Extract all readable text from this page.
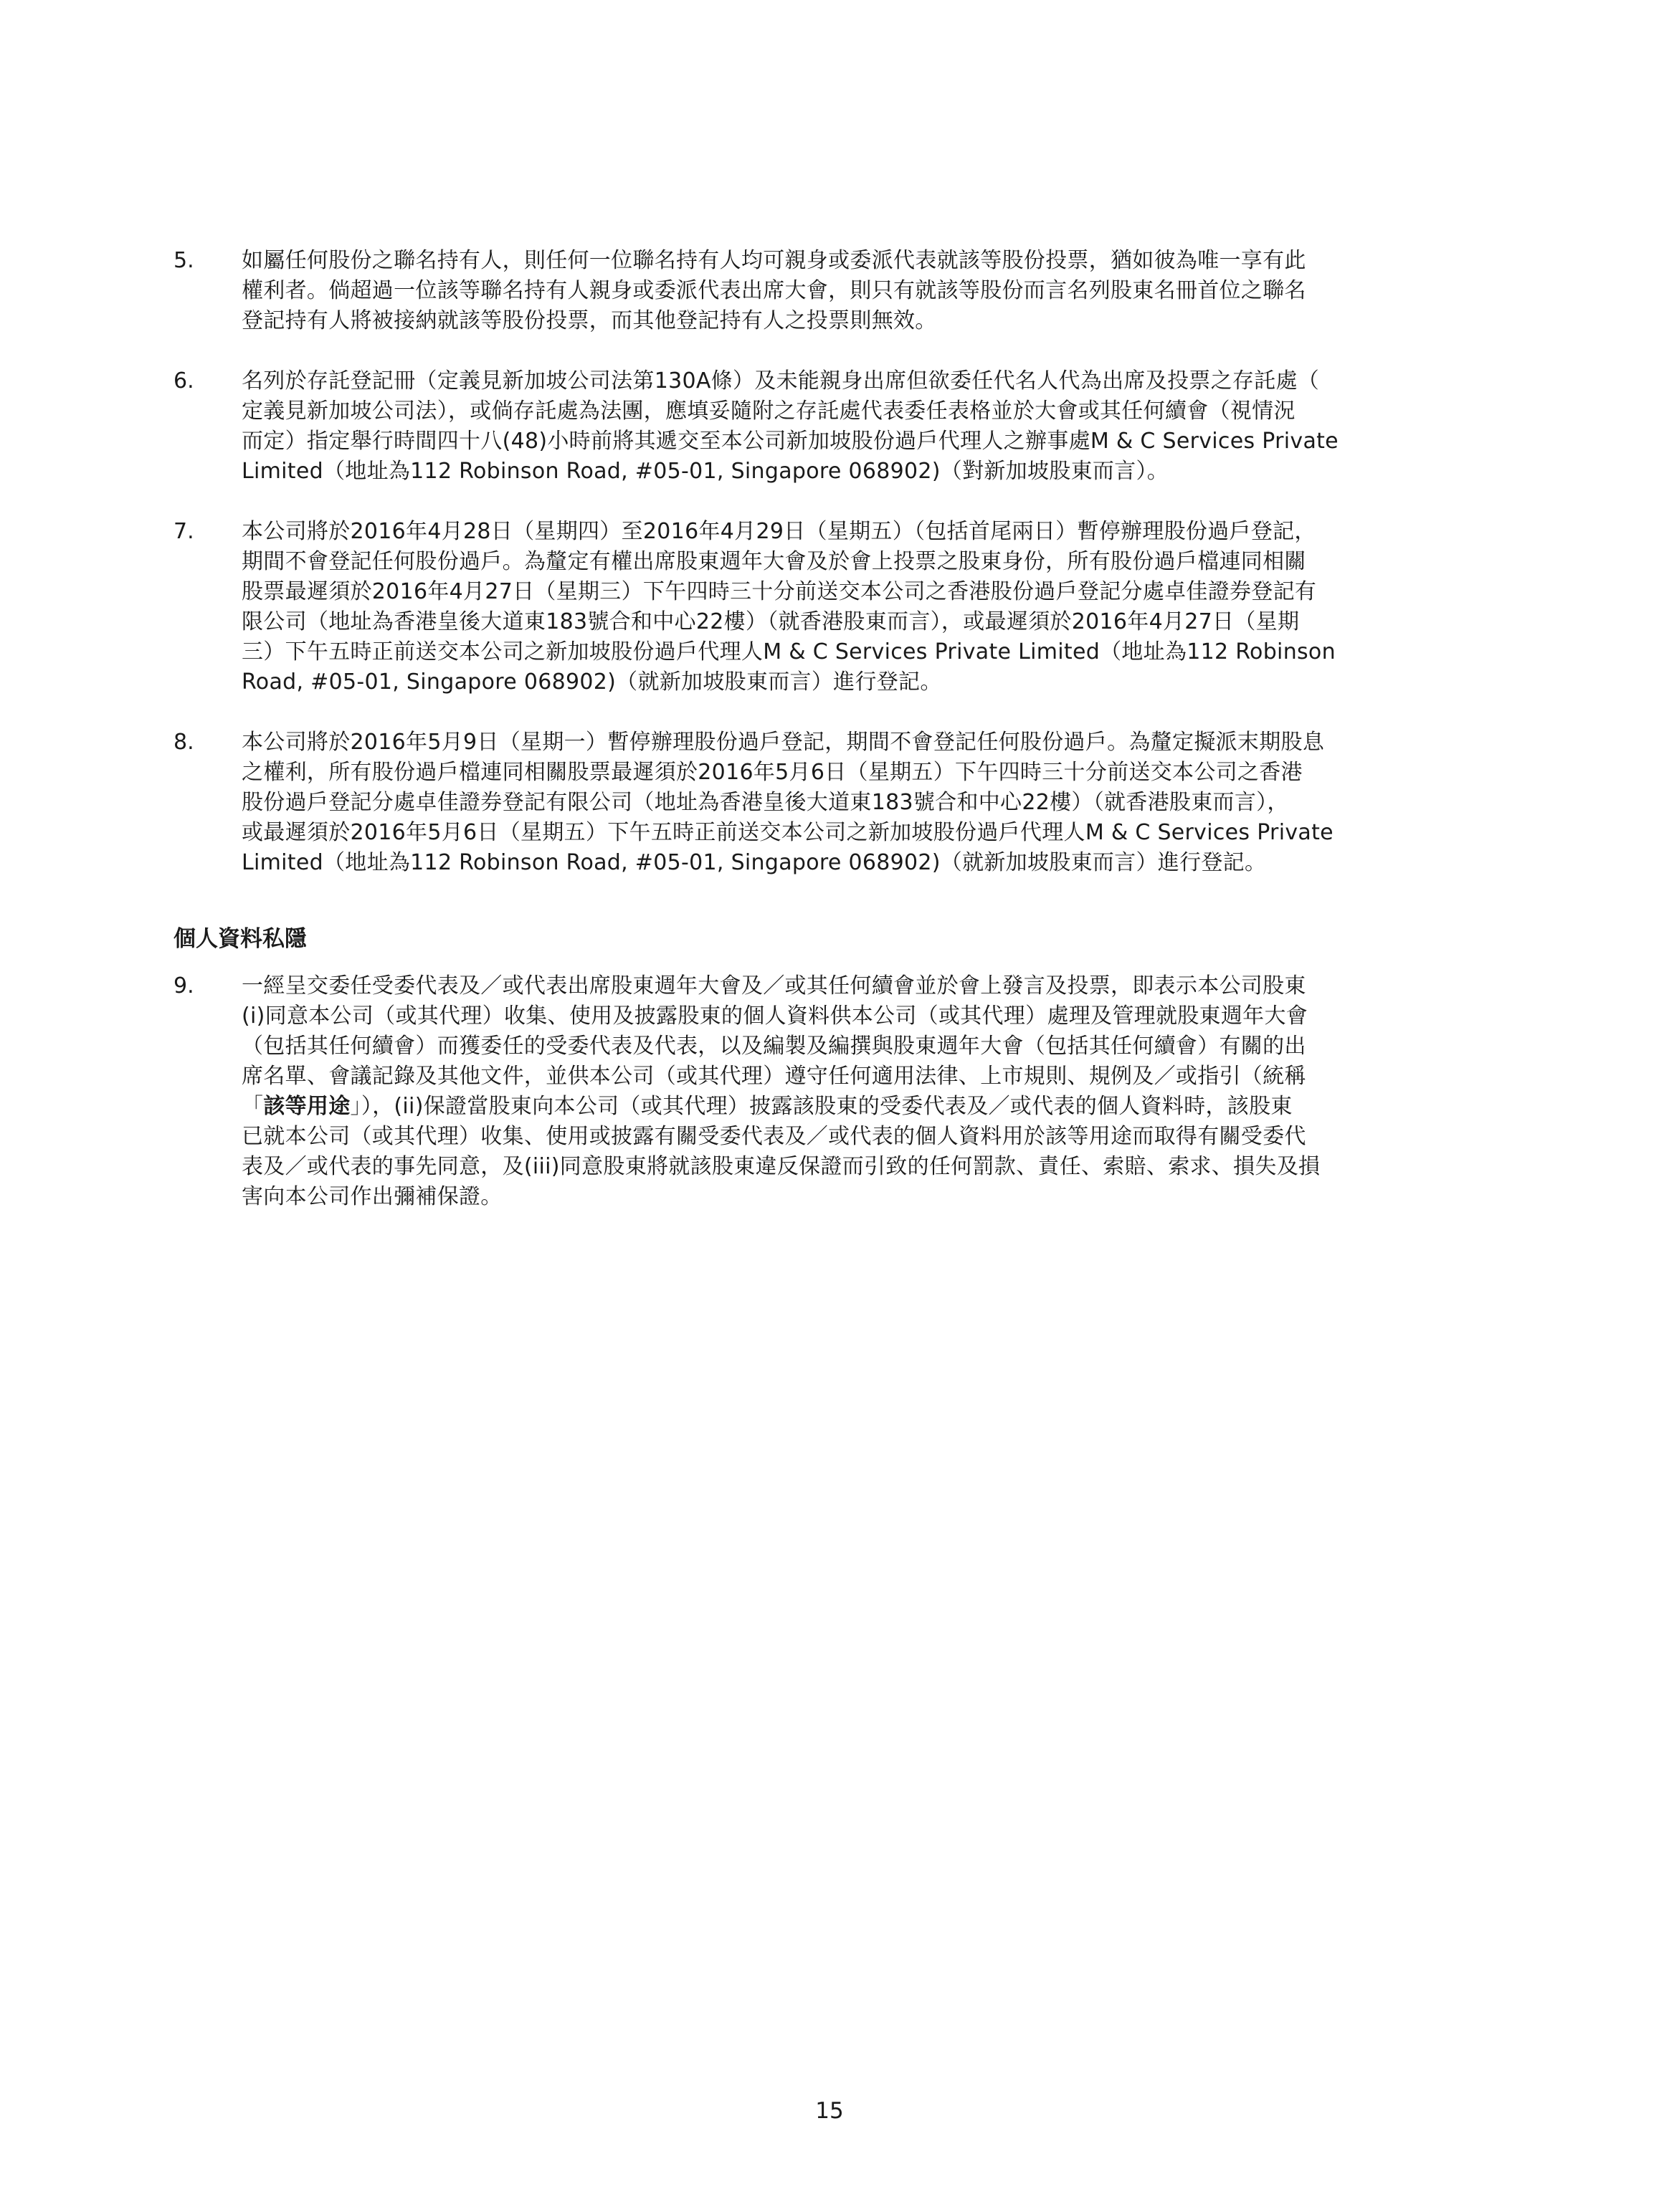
5. 如屬任何股份之聯名持有人，則任何一位聯名持有人均可親身或委派代表就該等股份投票，猶如彼為唯一享有此
權利者。倘超過一位該等聯名持有人親身或委派代表出席大會，則只有就該等股份而言名列股東名冊首位之聯名
登記持有人將被接納就該等股份投票，而其他登記持有人之投票則無效。
6. 名列於存託登記冊（定義見新加坡公司法第130A條）及未能親身出席但欲委任代名人代為出席及投票之存託處（
定義見新加坡公司法），或倘存託處為法團，應填妥隨附之存託處代表委任表格並於大會或其任何續會（視情況
而定）指定舉行時間四十八(48)小時前將其遞交至本公司新加坡股份過戶代理人之辦事處M & C Services Private
Limited（地址為112 Robinson Road, #05-01, Singapore 068902)（對新加坡股東而言）。
7. 本公司將於2016年4月28日（星期四）至2016年4月29日（星期五）（包括首尾兩日）暫停辦理股份過戶登記，
期間不會登記任何股份過戶。為釐定有權出席股東週年大會及於會上投票之股東身份，所有股份過戶檔連同相關
股票最遲須於2016年4月27日（星期三）下午四時三十分前送交本公司之香港股份過戶登記分處卓佳證券登記有
限公司（地址為香港皇後大道東183號合和中心22樓）（就香港股東而言），或最遲須於2016年4月27日（星期
三）下午五時正前送交本公司之新加坡股份過戶代理人M & C Services Private Limited（地址為112 Robinson
Road, #05-01, Singapore 068902)（就新加坡股東而言）進行登記。
8. 本公司將於2016年5月9日（星期一）暫停辦理股份過戶登記，期間不會登記任何股份過戶。為釐定擬派末期股息
之權利，所有股份過戶檔連同相關股票最遲須於2016年5月6日（星期五）下午四時三十分前送交本公司之香港
股份過戶登記分處卓佳證券登記有限公司（地址為香港皇後大道東183號合和中心22樓）（就香港股東而言），
或最遲須於2016年5月6日（星期五）下午五時正前送交本公司之新加坡股份過戶代理人M & C Services Private
Limited（地址為112 Robinson Road, #05-01, Singapore 068902)（就新加坡股東而言）進行登記。
個人資料私隱
9. 一經呈交委任受委代表及／或代表出席股東週年大會及／或其任何續會並於會上發言及投票，即表示本公司股東
(i)同意本公司（或其代理）收集、使用及披露股東的個人資料供本公司（或其代理）處理及管理就股東週年大會
（包括其任何續會）而獲委任的受委代表及代表，以及編製及編撰與股東週年大會（包括其任何續會）有關的出
席名單、會議記錄及其他文件，並供本公司（或其代理）遵守任何適用法律、上市規則、規例及／或指引（統稱
「該等用途」），(ii)保證當股東向本公司（或其代理）披露該股東的受委代表及／或代表的個人資料時，該股東
已就本公司（或其代理）收集、使用或披露有關受委代表及／或代表的個人資料用於該等用途而取得有關受委代
表及／或代表的事先同意，及(iii)同意股東將就該股東違反保證而引致的任何罰款、責任、索賠、索求、損失及損
害向本公司作出彌補保證。
15
